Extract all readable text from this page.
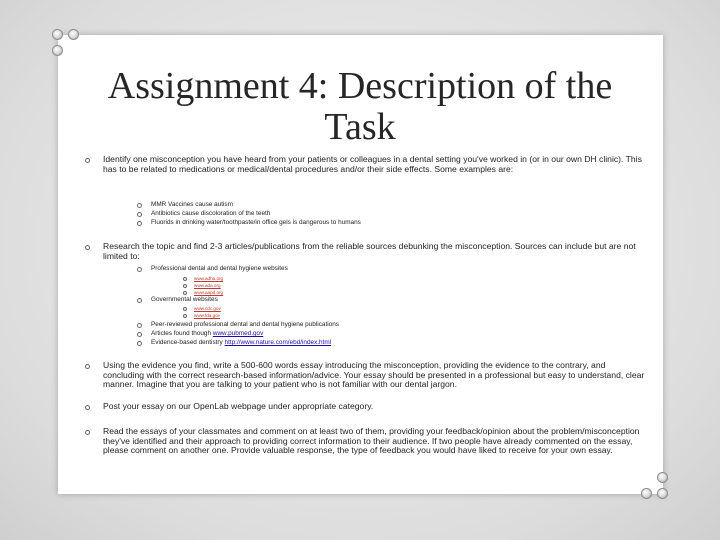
Assignment 4: Description of the Task
Identify one misconception you have heard from your patients or colleagues in a dental setting you've worked in (or in our own DH clinic). This has to be related to medications or medical/dental procedures and/or their side effects. Some examples are:
MMR Vaccines cause autism
Antibiotics cause discoloration of the teeth
Fluorids in drinking water/toothpaste/in office gels is dangerous to humans
Research the topic and find 2-3 articles/publications from the reliable sources debunking the misconception. Sources can include but are not limited to:
Professional dental and dental hygiene websites
www.adha.org
www.ada.org
www.aapd.org
Governmental websites
www.cdc.gov
www.fda.gov
Peer-reviewed professional dental and dental hygiene publications
Articles found though www.pubmed.gov
Evidence-based dentistry http://www.nature.com/ebd/index.html
Using the evidence you find, write a 500-600 words essay introducing the misconception, providing the evidence to the contrary, and concluding with the correct research-based information/advice. Your essay should be presented in a professional but easy to understand, clear manner. Imagine that you are talking to your patient who is not familiar with our dental jargon.
Post your essay on our OpenLab webpage under appropriate category.
Read the essays of your classmates and comment on at least two of them, providing your feedback/opinion about the problem/misconception they've identified and their approach to providing correct information to their audience. If two people have already commented on the essay, please comment on another one. Provide valuable response, the type of feedback you would have liked to receive for your own essay.
